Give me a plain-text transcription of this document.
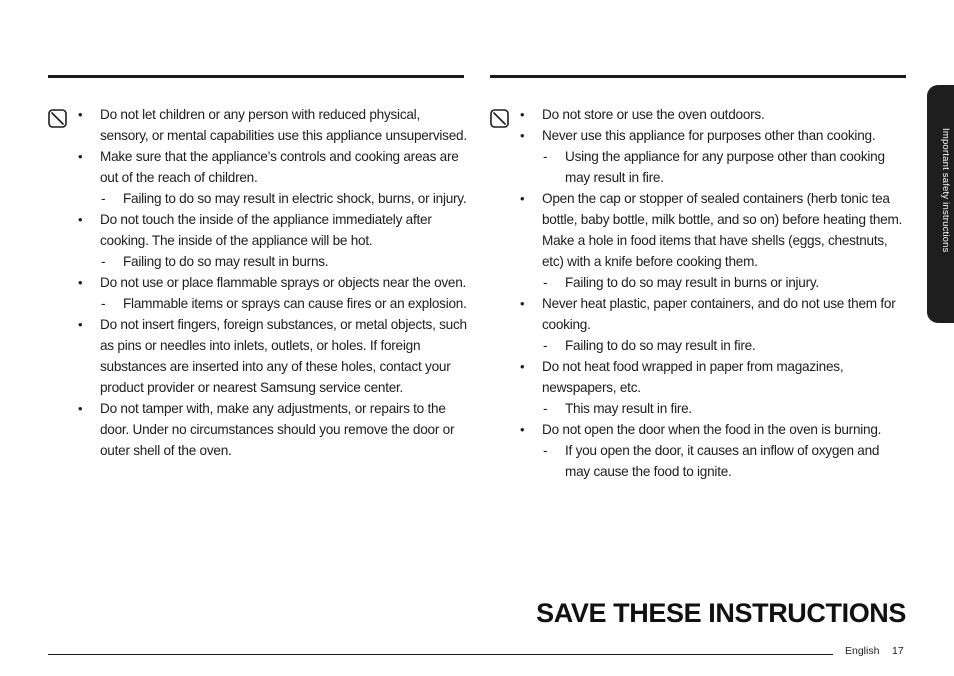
• Do not let children or any person with reduced physical, sensory, or mental capabilities use this appliance unsupervised.
• Make sure that the appliance’s controls and cooking areas are out of the reach of children.
- Failing to do so may result in electric shock, burns, or injury.
• Do not touch the inside of the appliance immediately after cooking. The inside of the appliance will be hot.
- Failing to do so may result in burns.
• Do not use or place flammable sprays or objects near the oven.
- Flammable items or sprays can cause fires or an explosion.
• Do not insert fingers, foreign substances, or metal objects, such as pins or needles into inlets, outlets, or holes. If foreign substances are inserted into any of these holes, contact your product provider or nearest Samsung service center.
• Do not tamper with, make any adjustments, or repairs to the door. Under no circumstances should you remove the door or outer shell of the oven.
• Do not store or use the oven outdoors.
• Never use this appliance for purposes other than cooking.
- Using the appliance for any purpose other than cooking may result in fire.
• Open the cap or stopper of sealed containers (herb tonic tea bottle, baby bottle, milk bottle, and so on) before heating them. Make a hole in food items that have shells (eggs, chestnuts, etc) with a knife before cooking them.
- Failing to do so may result in burns or injury.
• Never heat plastic, paper containers, and do not use them for cooking.
- Failing to do so may result in fire.
• Do not heat food wrapped in paper from magazines, newspapers, etc.
- This may result in fire.
• Do not open the door when the food in the oven is burning.
- If you open the door, it causes an inflow of oxygen and may cause the food to ignite.
Important safety instructions
SAVE THESE INSTRUCTIONS
English 17
